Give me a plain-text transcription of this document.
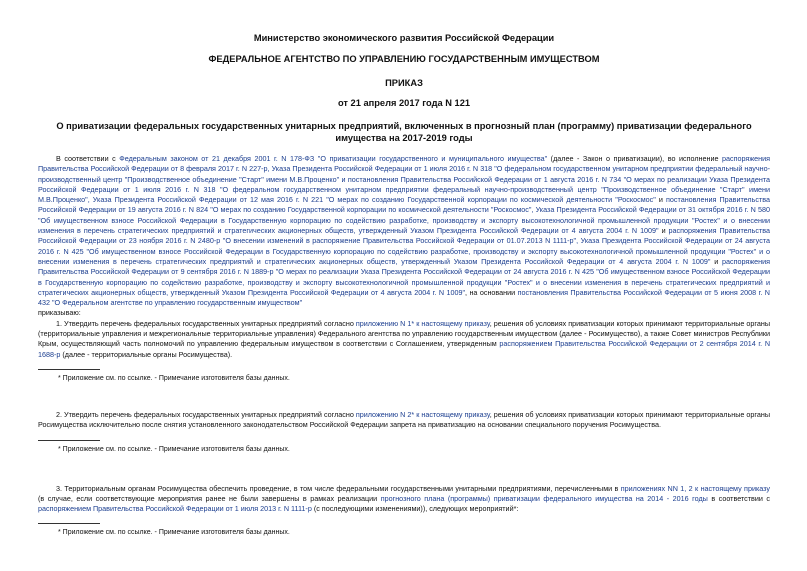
Министерство экономического развития Российской Федерации
ФЕДЕРАЛЬНОЕ АГЕНТСТВО ПО УПРАВЛЕНИЮ ГОСУДАРСТВЕННЫМ ИМУЩЕСТВОМ
ПРИКАЗ
от 21 апреля 2017 года N 121
О приватизации федеральных государственных унитарных предприятий, включенных в прогнозный план (программу) приватизации федерального имущества на 2017-2019 годы

В соответствии с Федеральным законом от 21 декабря 2001 г. N 178-ФЗ "О приватизации государственного и муниципального имущества" (далее - Закон о приватизации), во исполнение распоряжения Правительства Российской Федерации от 8 февраля 2017 г. N 227-р, Указа Президента Российской Федерации от 1 июля 2016 г. N 318 "О федеральном государственном унитарном предприятии федеральный научно-производственный центр "Производственное объединение "Старт" имени М.В.Проценко" и постановления Правительства Российской Федерации от 1 августа 2016 г. N 734 "О мерах по реализации Указа Президента Российской Федерации от 1 июля 2016 г. N 318 "О федеральном государственном унитарном предприятии федеральный научно-производственный центр "Производственное объединение "Старт" имени М.В.Проценко", Указа Президента Российской Федерации от 12 мая 2016 г. N 221 "О мерах по созданию Государственной корпорации по космической деятельности "Роскосмос" и постановления Правительства Российской Федерации от 19 августа 2016 г. N 824 "О мерах по созданию Государственной корпорации по космической деятельности "Роскосмос", Указа Президента Российской Федерации от 31 октября 2016 г. N 580 "Об имущественном взносе Российской Федерации в Государственную корпорацию по содействию разработке, производству и экспорту высокотехнологичной промышленной продукции "Ростех" и о внесении изменения в перечень стратегических предприятий и стратегических акционерных обществ, утвержденный Указом Президента Российской Федерации от 4 августа 2004 г. N 1009" и распоряжения Правительства Российской Федерации от 23 ноября 2016 г. N 2480-р "О внесении изменений в распоряжение Правительства Российской Федерации от 01.07.2013 N 1111-р", Указа Президента Российской Федерации от 24 августа 2016 г. N 425 "Об имущественном взносе Российской Федерации в Государственную корпорацию по содействию разработке, производству и экспорту высокотехнологичной промышленной продукции "Ростех" и о внесении изменения в перечень стратегических предприятий и стратегических акционерных обществ, утвержденный Указом Президента Российской Федерации от 4 августа 2004 г. N 1009" и распоряжения Правительства Российской Федерации от 9 сентября 2016 г. N 1889-р "О мерах по реализации Указа Президента Российской Федерации от 24 августа 2016 г. N 425 "Об имущественном взносе Российской Федерации в Государственную корпорацию по содействию разработке, производству и экспорту высокотехнологичной промышленной продукции "Ростех" и о внесении изменения в перечень стратегических предприятий и стратегических акционерных обществ, утвержденный Указом Президента Российской Федерации от 4 августа 2004 г. N 1009", на основании постановления Правительства Российской Федерации от 5 июня 2008 г. N 432 "О Федеральном агентстве по управлению государственным имуществом"

приказываю:

1. Утвердить перечень федеральных государственных унитарных предприятий согласно приложению N 1* к настоящему приказу, решения об условиях приватизации которых принимают территориальные органы (территориальные управления и межрегиональные территориальные управления) Федерального агентства по управлению государственным имуществом (далее - Росимущество), а также Совет министров Республики Крым, осуществляющий часть полномочий по управлению федеральным имуществом в соответствии с Соглашением, утвержденным распоряжением Правительства Российской Федерации от 2 сентября 2014 г. N 1688-р (далее - территориальные органы Росимущества).

* Приложение см. по ссылке. - Примечание изготовителя базы данных.

2. Утвердить перечень федеральных государственных унитарных предприятий согласно приложению N 2* к настоящему приказу, решения об условиях приватизации которых принимают территориальные органы Росимущества исключительно после снятия установленного законодательством Российской Федерации запрета на приватизацию на основании специального поручения Росимущества.

* Приложение см. по ссылке. - Примечание изготовителя базы данных.

3. Территориальным органам Росимущества обеспечить проведение, в том числе федеральными государственными унитарными предприятиями, перечисленными в приложениях NN 1, 2 к настоящему приказу (в случае, если соответствующие мероприятия ранее не были завершены в рамках реализации прогнозного плана (программы) приватизации федерального имущества на 2014 - 2016 годы в соответствии с распоряжением Правительства Российской Федерации от 1 июля 2013 г. N 1111-р (с последующими изменениями)), следующих мероприятий*:

* Приложение см. по ссылке. - Примечание изготовителя базы данных.
